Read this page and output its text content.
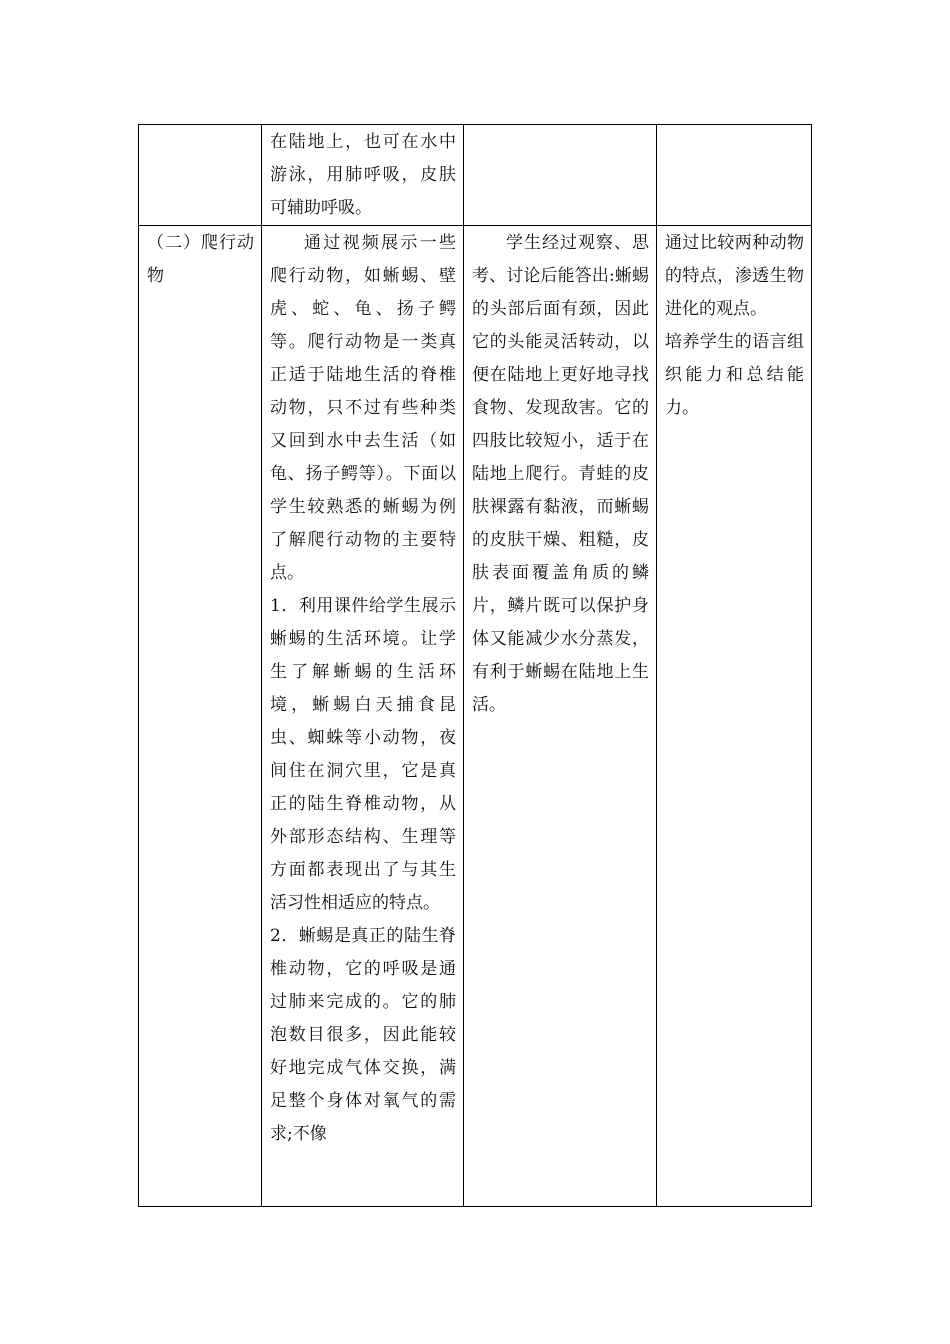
	在陆地上，也可在水中游泳，用肺呼吸，皮肤可辅助呼吸。		
（二）爬行动物	通过视频展示一些爬行动物，如蜥蜴、壁虎、蛇、龟、扬子鳄等。爬行动物是一类真正适于陆地生活的脊椎动物，只不过有些种类又回到水中去生活（如龟、扬子鳄等）。下面以学生较熟悉的蜥蜴为例了解爬行动物的主要特点。
1．利用课件给学生展示蜥蜴的生活环境。让学生了解蜥蜴的生活环境，蜥蜴白天捕食昆虫、蜘蛛等小动物，夜间住在洞穴里，它是真正的陆生脊椎动物，从外部形态结构、生理等方面都表现出了与其生活习性相适应的特点。
2．蜥蜴是真正的陆生脊椎动物，它的呼吸是通过肺来完成的。它的肺泡数目很多，因此能较好地完成气体交换，满足整个身体对氧气的需求;不像	学生经过观察、思考、讨论后能答出:蜥蜴的头部后面有颈，因此它的头能灵活转动，以便在陆地上更好地寻找食物、发现敌害。它的四肢比较短小，适于在陆地上爬行。青蛙的皮肤裸露有黏液，而蜥蜴的皮肤干燥、粗糙，皮肤表面覆盖角质的鳞片，鳞片既可以保护身体又能减少水分蒸发，有利于蜥蜴在陆地上生活。	通过比较两种动物的特点，渗透生物进化的观点。
培养学生的语言组织能力和总结能力。
